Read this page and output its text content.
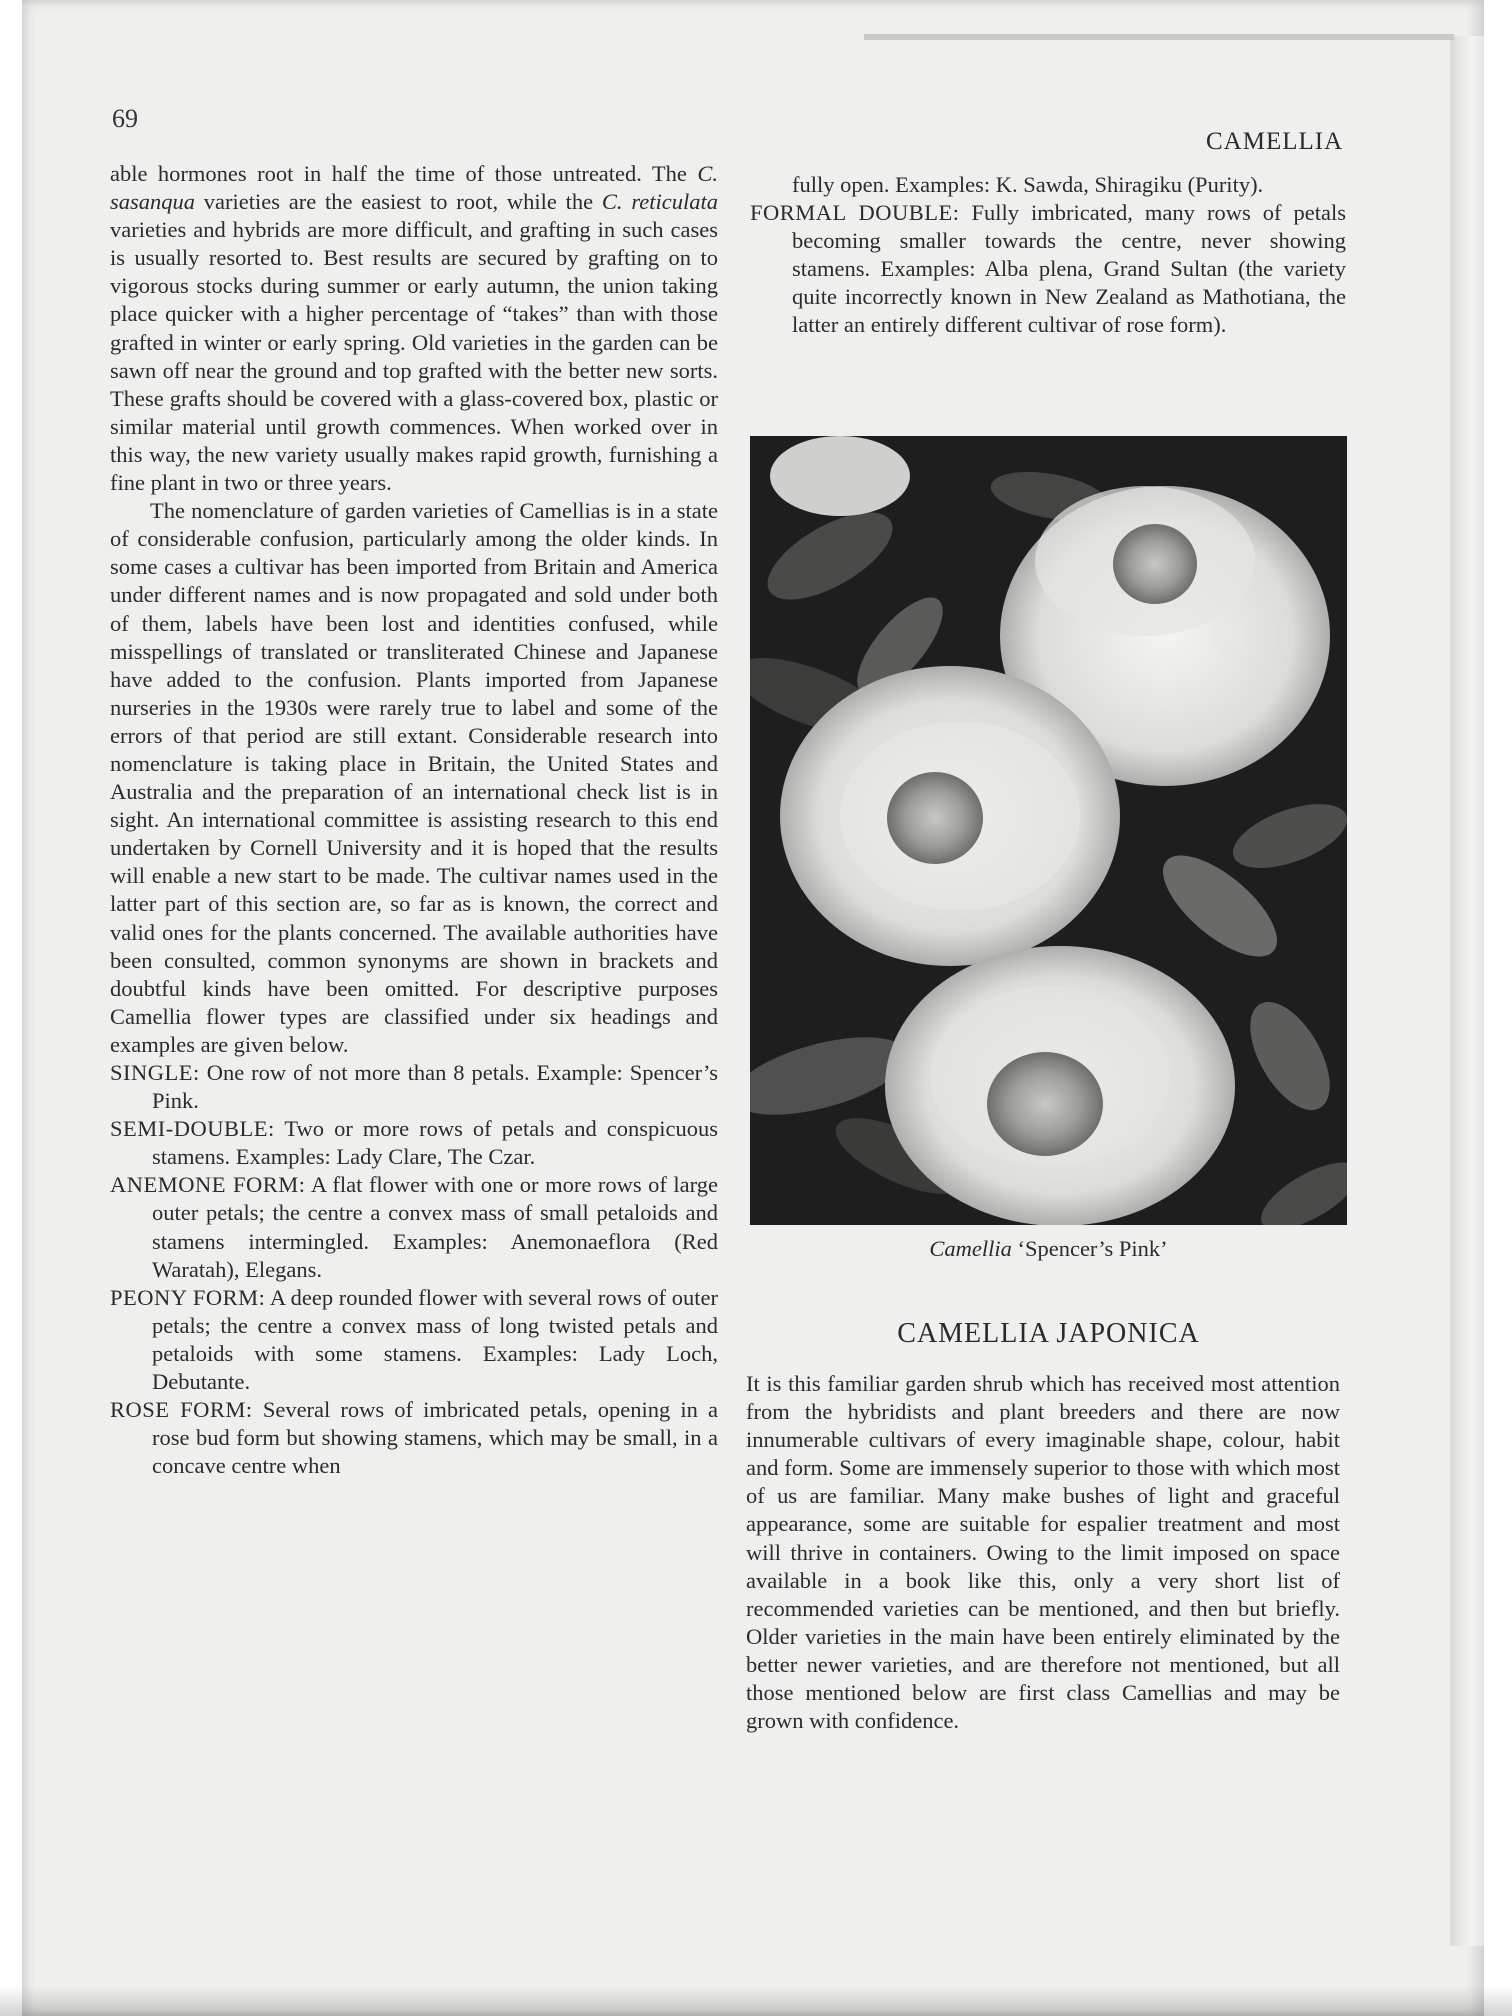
69
CAMELLIA

able hormones root in half the time of those untreated. The C. sasanqua varieties are the easiest to root, while the C. reticulata varieties and hybrids are more difficult, and grafting in such cases is usually resorted to. Best results are secured by grafting on to vigorous stocks during summer or early autumn, the union taking place quicker with a higher percentage of “takes” than with those grafted in winter or early spring. Old varieties in the garden can be sawn off near the ground and top grafted with the better new sorts. These grafts should be covered with a glass-covered box, plastic or similar material until growth commences. When worked over in this way, the new variety usually makes rapid growth, furnishing a fine plant in two or three years.

The nomenclature of garden varieties of Camellias is in a state of considerable confusion, particularly among the older kinds. In some cases a cultivar has been imported from Britain and America under different names and is now propagated and sold under both of them, labels have been lost and identities confused, while misspellings of translated or transliterated Chinese and Japanese have added to the confusion. Plants imported from Japanese nurseries in the 1930s were rarely true to label and some of the errors of that period are still extant. Considerable research into nomenclature is taking place in Britain, the United States and Australia and the preparation of an international check list is in sight. An international committee is assisting research to this end undertaken by Cornell University and it is hoped that the results will enable a new start to be made. The cultivar names used in the latter part of this section are, so far as is known, the correct and valid ones for the plants concerned. The available authorities have been consulted, common synonyms are shown in brackets and doubtful kinds have been omitted. For descriptive purposes Camellia flower types are classified under six headings and examples are given below.

SINGLE: One row of not more than 8 petals. Example: Spencer’s Pink.

SEMI-DOUBLE: Two or more rows of petals and conspicuous stamens. Examples: Lady Clare, The Czar.

ANEMONE FORM: A flat flower with one or more rows of large outer petals; the centre a convex mass of small petaloids and stamens intermingled. Examples: Anemonaeflora (Red Waratah), Elegans.

PEONY FORM: A deep rounded flower with several rows of outer petals; the centre a convex mass of long twisted petals and petaloids with some stamens. Examples: Lady Loch, Debutante.

ROSE FORM: Several rows of imbricated petals, opening in a rose bud form but showing stamens, which may be small, in a concave centre when

fully open. Examples: K. Sawda, Shiragiku (Purity).

FORMAL DOUBLE: Fully imbricated, many rows of petals becoming smaller towards the centre, never showing stamens. Examples: Alba plena, Grand Sultan (the variety quite incorrectly known in New Zealand as Mathotiana, the latter an entirely different cultivar of rose form).

Camellia ‘Spencer’s Pink’
CAMELLIA JAPONICA

It is this familiar garden shrub which has received most attention from the hybridists and plant breeders and there are now innumerable cultivars of every imaginable shape, colour, habit and form. Some are immensely superior to those with which most of us are familiar. Many make bushes of light and graceful appearance, some are suitable for espalier treatment and most will thrive in containers. Owing to the limit imposed on space available in a book like this, only a very short list of recommended varieties can be mentioned, and then but briefly. Older varieties in the main have been entirely eliminated by the better newer varieties, and are therefore not mentioned, but all those mentioned below are first class Camellias and may be grown with confidence.
